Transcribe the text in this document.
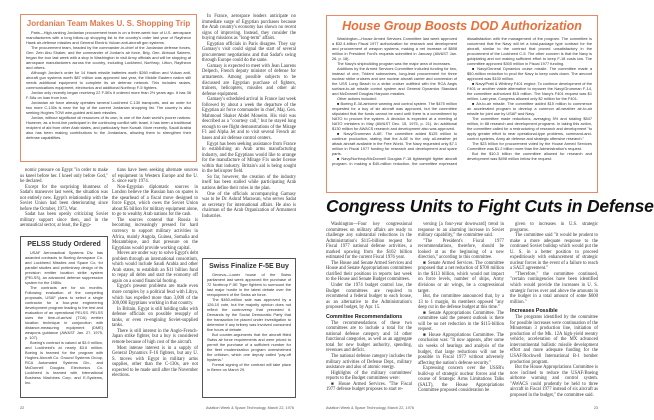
Jordanian Team Makes U. S. Shopping Trip

Paris—High-ranking Jordanian procurement team is on a three-week tour of U.S. aerospace manufacturers with a long follow-up shopping list to the country's order last year of Raytheon Hawk air-defense missiles and General Electric Vulcan anti-aircraft gun systems.

The procurement team, headed by the commander-in-chief of the Jordanian defense forces, Gen. Zein Abu Shaker, and the commander of Jordan's air force, Brig. Gen. Abboud Saleem, began the tour last week with a stop in Washington to visit Army officials and will be stopping at aerospace manufacturers across the country, including Lockheed, Northrop, Litton, Raytheon and others.

Although Jordan's order for 14 Hawk missile batteries worth $260 million and Vulcan anti-aircraft gun systems worth $87 million was approved last year, the Middle Eastern nation still needs additional equipment to complete its air defense network. This includes radars, communications equipment, electronics and additional Northrop F-5 fighters.

Jordan only recently began receiving 22 F-5Es it ordered more than 2½ years ago. It has 36 F-5As on loan from Iran.

Jordanian air force already operates several Lockheed C-130 transports, and an order for two more C-130s is near the top of the current Jordanian shopping list. The country is also seeking Hughes TOW wire-guided anti-tank missiles.

Jordan, without significant oil resources of its own, is one of the Arab world's poorer nations. However, as a front-line participant in the continuing conflict with Israel, it has been a traditional recipient of aid from other Arab states, and particularly from Kuwait. More recently, Saudi Arabia also has been making contributions to the Jordanians, allowing them to strengthen their defense capabilities.

nomic pressure on Egypt "in order to make us kneel before her. I kneel only before God," he declared.

Except for the surprising bluntness of Sadat's maneuver last week, the situation was not entirely new. Egypt's relationship with the Soviet Union had been deteriorating since before the October, 1973, War.

Sadat has been openly criticizing Soviet military support since then, and in the aeronautical sector, at least, the Egyp-

PELSS Study Ordered

USAF Aeronautical Systems Div. has awarded contracts to Boeing Aerospace Co. and Lockheed Missiles and Space Co. for parallel studies and preliminary design of its precision emitter location strike system (PELSS), an advanced defense suppression system for the 1980s.

The contracts are for six months. Following evaluation of the competing proposals, USAF plans to select a single contractor for a four-year engineering development program leading to the test and evaluation of an operational PELSS. PELSS uses the time-of-arrival (TOA) emitter location technique in conjunction with distance-measuring equipment (DME) weapons guidance (AW&ST Jan. 27, 1975, p. 107).

Boeing's contract is valued at $3.9 million, and Lockheed's at nearly $3.6 million. Boeing is teamed for the program with Hughes Aircraft Co. Ground Systems Group, RCA Automated Systems Div., and McDonnell Douglas Electronics Co. Lockheed is teamed with International Business Machines Corp. and E-Systems, Inc.

tians have been seeking alternate sources of equipment in Western Europe and the U. S. since early 1974.

Non-Egyptian diplomatic sources in London believe the Russian ban on spares is the spearhead of a fiscal move designed to force Egypt, which owes the Soviet Union about $5 billion for military equipment alone, to go to wealthy Arab nations for the cash.

The sources contend that Russia is becoming increasingly pressed for hard currency to support military activities in Africa, mainly Angola, Guinea, Somalia and Mozambique, and that pressure on the Egyptians would provide working capital.

Moves are under way to solve Egypt's debt problem through an international consortium, which would include Saudi Arabia and other Arab states, to establish an $11 billion fund to repay all debts and start the economy off again on a sound financial footing.

Egypt's present problems are made even more complex by a political feud with Libya, which has expelled more than 3,000 of the 300,000 Egyptians working in that country.

In Britain, Egypt is still holding talks with defense officials on possible resupply of tanks, or even re-engining Soviet-supplied tanks.

There is still interest in the Anglo-French-Japan strike fighter, but a buy is considered remote because of high cost of the aircraft.

Most intense interest is in a supply of General Dynamics F-16 fighters, but any U. S. moves with Egypt in military arms supplies, other than the C-130s, are not expected to be made until after the November elections.

In France, aerospace leaders anticipate no immediate surge of Egyptian purchases because the Arab country's economy has shown no recent signs of improving. Instead, they consider the buying missions as "long-term" affairs.

Egyptian officials in Paris disagree. They say Gamasy's visit could signal the start of several procurement negotiations and that Sadat's swing through Europe could do the same.

Gamasy is expected to meet with Jean Laurens Delpech, French deputy minister of defense for armaments. Among possible subjects to be discussed are Egyptian purchase of fighters, trainers, helicopters, missiles and other air defense equipment.

Gamasy's scheduled arrival in France last week followed by about a week the departure of the Egyptian air force commander in chief, Maj. Gen. Mahmoud Shaker Abdel Moneim. His visit was described as a "courtesy call," but he stayed long enough to see flight demonstrations of the Mirage F1 and Alpha Jet and to visit several French air bases and air defense control centers.

Egypt has been seeking assistance from France in establishing an Arab arms manufacturing industry, and the Egyptians would like to arrange for the manufacture of Mirage F1s under license within that industry. Britain's aid is being sought in the helicopter field.

So far, however, the creation of the industry itself has been stalled while participating Arab nations define their roles in the plan.

One of the officials accompanying Gamasy was to be Dr. Ashraf Marawan, who serves Sadat as secretary for international affairs. He also is chairman of the Arab Organization of Armament Industries.

Swiss Finalize F-5E Buy

Geneva—Lower house of the Swiss parliament last week approved the purchase of 72 Northrop F-5E Tiger fighters to surmount the last major hurdle in the latest debate over the reequipment of the Swiss air force.

The $450-million sale was approved by a 126-10 vote, but the majority opinion does not reflect the controversy that preceded it. Demands by the Social Democratic Party that the transaction be placed under investigation to determine if any bribery was involved consumed five hours of debate.

But counter-arguments that the aircraft fitted Swiss air force requirements and were priced to permit the purchase of a sufficient number for the fleet modernization program overwhelmed the criticism, which one deputy called "pay-off hysteria."

Formal signing of the contract will take place in Berne on March 29.

22	Aviation Week & Space Technology, March 22, 1976
House Group Boosts DOD Authorization

Washington—House Armed Services Committee last week approved a $32.4-billion Fiscal 1977 authorization for research and development and procurement of weapon systems, making a net increase of $898 million in President Ford's requests submitted in January (AW&ST Jan. 26, p. 18).

The Navy's shipbuilding program was the major area of increases.

Additions by the Armed Services Committee included funding for two, instead of one, Trident submarines, long-lead procurement for three nuclear strike cruisers and one nuclear aircraft carrier and conversion of the USS Long Beach to a strike cruiser outfitted with the RCA Aegis surface-to-air missile control system and General Dynamics Standard and McDonnell Douglas Harpoon missiles.

Other actions included:

■ Boeing E-3A airborne warning and control system. The $475 million requested for a buy of six aircraft was approved, but the committee stipulated that the funds cannot be used until there is a commitment by NATO to procure the system. A decision is expected at a meeting of NATO ministers in May (AW&ST Dec. 15, 1975, p. 21). An additional $130 million for AWACS research and development also was approved.

■ Navy/Grumman A-6E. The committee added $125 million to continue production, stating that the A-6E is the only all-weather jet attack aircraft available in the Free World. The Navy requested only $7.1 million in Fiscal 1977 funding for research and development and spare parts.

■ Navy/Northrop/McDonnell Douglas F-18 lightweight fighter aircraft program. In making a $40-million reduction, the committee expressed dissatisfaction with the management of the program. The committee is concerned that the Navy will let a total-package type contract for the aircraft, similar to the contract that proved unsatisfactory in the procurement of the Lockheed C-5. The other concern is that the Navy is goldplating and not making sufficient effort to keep F-18 costs low. The committee approved $300 million in Fiscal 1977 funding.

■ Navy/General Dynamics cruise missile. The committee made a $50-million reduction to prod the Navy to keep costs down. The amount approved was $100 million.

■ Navy/Pratt & Whitney F401 engine. To continue development of the F401 or another viable alternative to repower the Navy/Grumman F-14, the committee authorized $15 million. The Navy's F401 request was $1 million. Last year, Congress allowed only $2 million for the F401.

■ Air-to-air missile. The committee added $15 million to commence an accelerated program to develop a common all-weather air-to-air missile for joint use by USAF and Navy.

The committee made reductions, averaging 5% and totaling $547 million, in 88 research and development programs. In taking this action, the committee called for a restructuring of research and development "to apply greater effort to near operational-type problems, command-and-control systems, Army air defense and strategic offensive research."

The $23 billion for procurement voted by the House Armed Services Committee was $1.2 billion more than the Administration's request.

But the $10.3 billion the committee allowed for research and development was $498 million below the request.

Congress Units to Fight Cuts in Defense

Washington—Four key congressional committees on military affairs are ready to challenge any substantial reductions in the Administration's $115-billion request for Fiscal 1977 national defense activities, a marked upswing from the $102 billion estimated for the current Fiscal 1976 year.

The House and Senate Armed Services and House and Senate Appropriations committees clarified their positions in reports last week to the House and Senate Budget committees.

Under the 1974 budget control law, the Budget committees are required to recommend a federal budget to each house, as an alternative to the Administration's proposed budget, by Apr. 15.

Committee Recommendations

The recommendations of these two committees are to include a total for the national defense category and 14 other functional categories, as well as an aggregate total for new budget authority, spending, revenues and deficit.

The national defense category includes the military activities of Defense Dept., military assistance and also of atomic energy.

Highlights of the military committees' reports to the Budget committees were:

■ House Armed Services. "The Fiscal 1977 defense budget proposes to start re-

versing [a four-year downward] trend in response to an alarming increase in Soviet military capability," the committee said.

"The President's Fiscal 1977 recommendations, therefore, should be looked at as the beginning of a new direction," according to this committee.

■ Senate Armed Services. The committee proposed that a net reduction of $700 million in the $113 billion, which would not impact on force levels, number of ships, Army divisions or air wings, be a congressional target.

But, the committee announced that, by a 13 to 1 margin, its members opposed "any deep cut in the defense budget at this time."

■ Senate Appropriations Committee. The committee said the present outlook is there will be no net reduction in the $115-billion request.

■ House Appropriations Committee. The conclusion was: "It now appears, after some six weeks of hearings and analysis of the budget, that large reductions will not be possible in Fiscal 1977 without adversely affecting the nation's defense security."

Expressing concern over the USSR's build-up of strategic nuclear forces and the course of Strategic Arms Limitations Talks (SALT), the House Appropriations Committee proposed consideration be

given to increases in U.S. strategic programs.

The committee said "it would be prudent to make a more adequate response to the continued Soviet buildup which would put the U. S. in a better position to proceed expeditiously with enhancement of strategic nuclear forces in the event of a failure to reach a SALT agreement."

"Therefore," the committee continued, "certain contingencies have been identified which would provide the increases in U. S. strategic forces over and above the amounts in the budget in a total amount of some $600 million."

Increases Possible

The programs identified by the committee for possible increases were continuation of the Minuteman 3 production line, initiation of production of the Mk. 12A high-yield reentry vehicle, acceleration of the MX advanced intercontinental ballistic missile development effort and more adequate funding for the USAF/Rockwell International B-1 bomber production program.

But the House Appropriations Committee is now inclined to reduce the USAF/Boeing airborne warning and control system. "AWACS could prudently be held to three aircraft in Fiscal 1977 instead of six aircraft as proposed in the budget," the committee said.

Aviation Week & Space Technology, March 22, 1976	23
